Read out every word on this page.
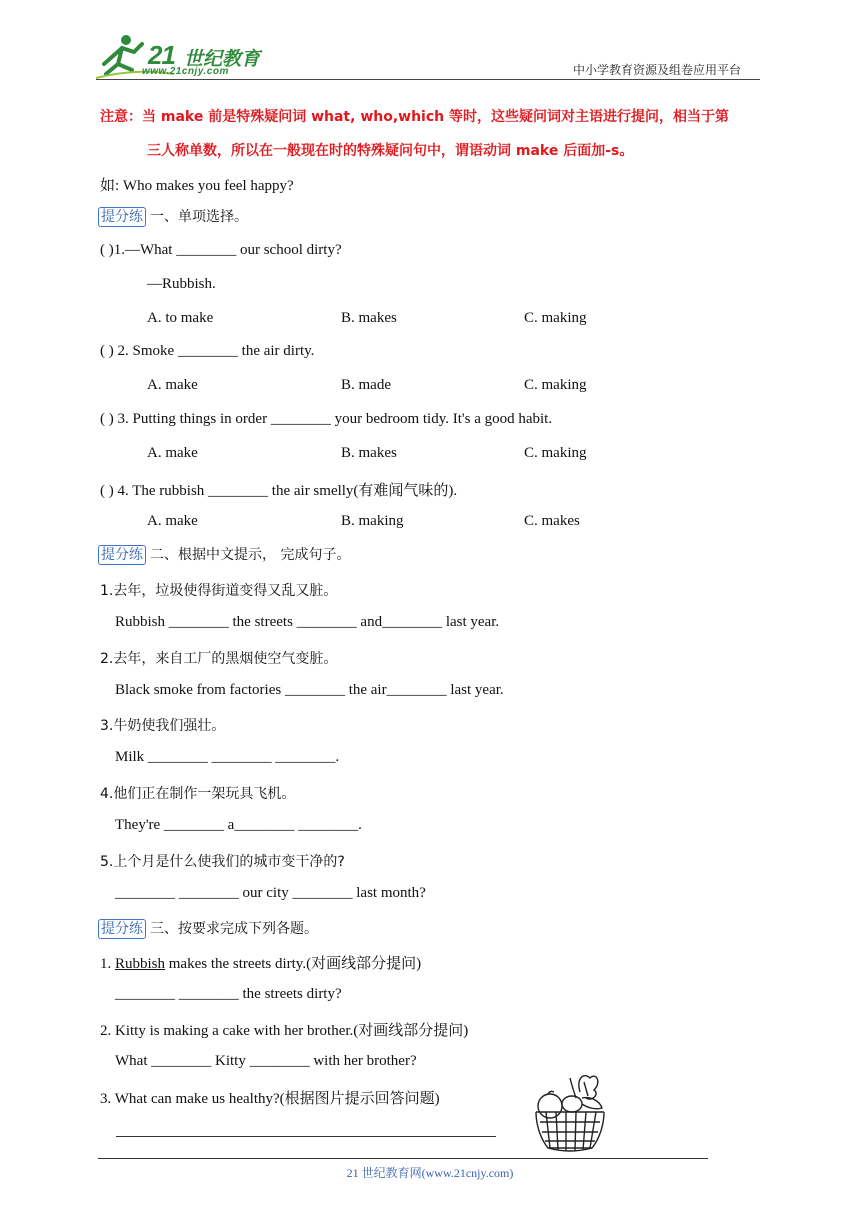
21 世纪教育
www.21cnjy.com	中小学教育资源及组卷应用平台
注意：当 make 前是特殊疑问词 what, who,which 等时，这些疑问词对主语进行提问，相当于第
三人称单数，所以在一般现在时的特殊疑问句中，谓语动词 make 后面加-s。
如: Who makes you feel happy?
提分练 一、单项选择。
( )1.—What ________ our school dirty?
—Rubbish.
A. to make	B. makes	C. making
( ) 2. Smoke ________ the air dirty.
A. make	B. made	C. making
( ) 3. Putting things in order ________ your bedroom tidy. It's a good habit.
A. make	B. makes	C. making
( ) 4. The rubbish ________ the air smelly(有难闻气味的).
A. make	B. making	C. makes
提分练 二、根据中文提示， 完成句子。
1.去年，垃圾使得街道变得又乱又脏。
Rubbish ________ the streets ________ and________ last year.
2.去年，来自工厂的黑烟使空气变脏。
Black smoke from factories ________ the air________ last year.
3.牛奶使我们强壮。
Milk ________ ________ ________.
4.他们正在制作一架玩具飞机。
They're ________ a________ ________.
5.上个月是什么使我们的城市变干净的?
________ ________ our city ________ last month?
提分练 三、按要求完成下列各题。
1. Rubbish makes the streets dirty.(对画线部分提问)
________ ________ the streets dirty?
2. Kitty is making a cake with her brother.(对画线部分提问)
What ________ Kitty ________ with her brother?
3. What can make us healthy?(根据图片提示回答问题)
21 世纪教育网(www.21cnjy.com)
